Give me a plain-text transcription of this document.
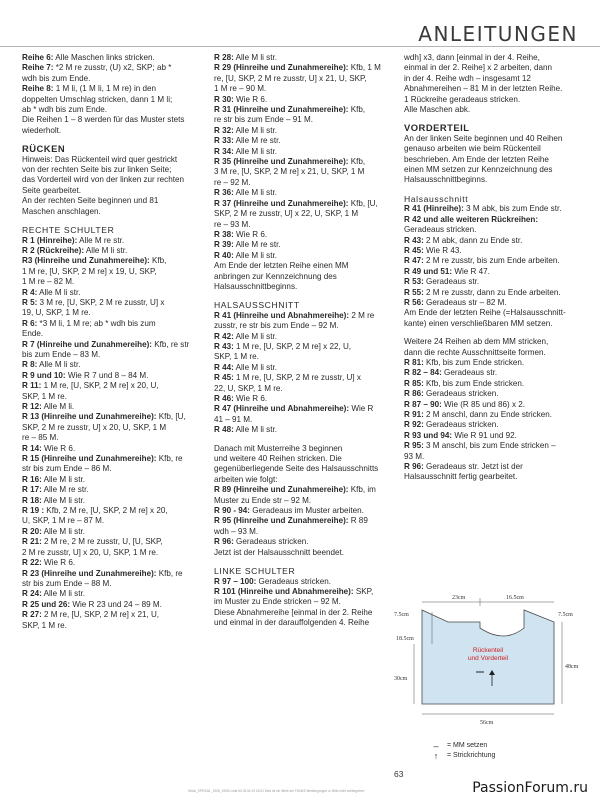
ANLEITUNGEN

Reihe 6: Alle Maschen links stricken.

Reihe 7: *2 M re zusstr, (U) x2, SKP; ab *

wdh bis zum Ende.

Reihe 8: 1 M li, (1 M li, 1 M re) in den

doppelten Umschlag stricken, dann 1 M li;

ab * wdh bis zum Ende.

Die Reihen 1 – 8 werden für das Muster stets

wiederholt.

RÜCKEN

Hinweis: Das Rückenteil wird quer gestrickt

von der rechten Seite bis zur linken Seite;

das Vorderteil wird von der linken zur rechten

Seite gearbeitet.

An der rechten Seite beginnen und 81

Maschen anschlagen.

RECHTE SCHULTER

R 1 (Hinreihe): Alle M re str.

R 2 (Rückreihe): Alle M li str.

R3 (Hinreihe und Zunahmereihe): Kfb,

1 M re, [U, SKP, 2 M re] x 19, U, SKP,

1 M re – 82 M.

R 4: Alle M li str.

R 5: 3 M re, [U, SKP, 2 M re zusstr, U] x

19, U, SKP, 1 M re.

R 6: *3 M li, 1 M re; ab * wdh bis zum

Ende.

R 7 (Hinreihe und Zunahmereihe): Kfb, re str

bis zum Ende – 83 M.

R 8: Alle M li str.

R 9 und 10: Wie R 7 und 8 – 84 M.

R 11: 1 M re, [U, SKP, 2 M re] x 20, U,

SKP, 1 M re.

R 12: Alle M li.

R 13 (Hinreihe und Zunahmereihe): Kfb, [U,

SKP, 2 M re zusstr, U] x 20, U, SKP, 1 M

re – 85 M.

R 14: Wie R 6.

R 15 (Hinreihe und Zunahmereihe): Kfb, re

str bis zum Ende – 86 M.

R 16: Alle M li str.

R 17: Alle M re str.

R 18: Alle M li str.

R 19 : Kfb, 2 M re, [U, SKP, 2 M re] x 20,

U, SKP, 1 M re – 87 M.

R 20: Alle M li str.

R 21: 2 M re, 2 M re zusstr, U, [U, SKP,

2 M re zusstr, U] x 20, U, SKP, 1 M re.

R 22: Wie R 6.

R 23 (Hinreihe und Zunahmereihe): Kfb, re

str bis zum Ende – 88 M.

R 24: Alle M li str.

R 25 und 26: Wie R 23 und 24 – 89 M.

R 27: 2 M re, [U, SKP, 2 M re] x 21, U,

SKP, 1 M re.

R 28: Alle M li str.

R 29 (Hinreihe und Zunahmereihe): Kfb, 1 M

re, [U, SKP, 2 M re zusstr, U] x 21, U, SKP,

1 M re – 90 M.

R 30: Wie R 6.

R 31 (Hinreihe und Zunahmereihe): Kfb,

re str bis zum Ende – 91 M.

R 32: Alle M li str.

R 33: Alle M re str.

R 34: Alle M li str.

R 35 (Hinreihe und Zunahmereihe): Kfb,

3 M re, [U, SKP, 2 M re] x 21, U, SKP, 1 M

re – 92 M.

R 36: Alle M li str.

R 37 (Hinreihe und Zunahmereihe): Kfb, [U,

SKP, 2 M re zusstr, U] x 22, U, SKP, 1 M

re – 93 M.

R 38: Wie R 6.

R 39: Alle M re str.

R 40: Alle M li str.

Am Ende der letzten Reihe einen MM

anbringen zur Kennzeichnung des

Halsausschnittbeginns.

HALSAUSSCHNITT

R 41 (Hinreihe und Abnahmereihe): 2 M re

zusstr, re str bis zum Ende – 92 M.

R 42: Alle M li str.

R 43: 1 M re, [U, SKP, 2 M re] x 22, U,

SKP, 1 M re.

R 44: Alle M li str.

R 45: 1 M re, [U, SKP, 2 M re zusstr, U] x

22, U, SKP, 1 M re.

R 46: Wie R 6.

R 47 (Hinreihe und Abnahmereihe): Wie R

41 – 91 M.

R 48: Alle M li str.

Danach mit Musterreihe 3 beginnen

und weitere 40 Reihen stricken. Die

gegenüberliegende Seite des Halsausschnitts

arbeiten wie folgt:

R 89 (Hinreihe und Zunahmereihe): Kfb, im

Muster zu Ende str – 92 M.

R 90 - 94: Geradeaus im Muster arbeiten.

R 95 (Hinreihe und Zunahmereihe): R 89

wdh – 93 M.

R 96: Geradeaus stricken.

Jetzt ist der Halsausschnitt beendet.

LINKE SCHULTER

R 97 – 100: Geradeaus stricken.

R 101 (Hinreihe und Abnahmereihe): SKP,

im Muster zu Ende stricken – 92 M.

Diese Abnahmereihe [einmal in der 2. Reihe

und einmal in der darauffolgenden 4. Reihe

wdh] x3, dann [einmal in der 4. Reihe,

einmal in der 2. Reihe] x 2 arbeiten, dann

in der 4. Reihe wdh – insgesamt 12

Abnahmereihen – 81 M in der letzten Reihe.

1 Rückreihe geradeaus stricken.

Alle Maschen abk.

VORDERTEIL

An der linken Seite beginnen und 40 Reihen

genauso arbeiten wie beim Rückenteil

beschrieben. Am Ende der letzten Reihe

einen MM setzen zur Kennzeichnung des

Halsausschnittbeginns.

Halsausschnitt

R 41 (Hinreihe): 3 M abk, bis zum Ende str.

R 42 und alle weiteren Rückreihen:

Geradeaus stricken.

R 43: 2 M abk, dann zu Ende str.

R 45: Wie R 43.

R 47: 2 M re zusstr, bis zum Ende arbeiten.

R 49 und 51: Wie R 47.

R 53: Geradeaus str.

R 55: 2 M re zusstr, dann zu Ende arbeiten.

R 56: Geradeaus str – 82 M.

Am Ende der letzten Reihe (=Halsausschnitt-

kante) einen verschließbaren MM setzen.

Weitere 24 Reihen ab dem MM stricken,

dann die rechte Ausschnittseite formen.

R 81: Kfb, bis zum Ende stricken.

R 82 – 84: Geradeaus str.

R 85: Kfb, bis zum Ende stricken.

R 86: Geradeaus stricken.

R 87 – 90: Wie (R 85 und 86) x 2.

R 91: 2 M anschl, dann zu Ende stricken.

R 92: Geradeaus stricken.

R 93 und 94: Wie R 91 und 92.

R 95: 3 M anschl, bis zum Ende stricken –

93 M.

R 96: Geradeaus str. Jetzt ist der

Halsausschnitt fertig gearbeitet.

23cm	16.5cm
7.5cm	7.5cm
18.5cm
48cm
30cm
56cm
Rückenteil
und Vorderteil
–	= MM setzen
↑	= Strickrichtung
63
Strick_SPEZIAL_1905_1905L.indd 63 05.04.19 18:31 Dies ist ein Werk der FUNKE Mediengruppe ••• Bitte nicht weitergeben	PassionForum.ru
